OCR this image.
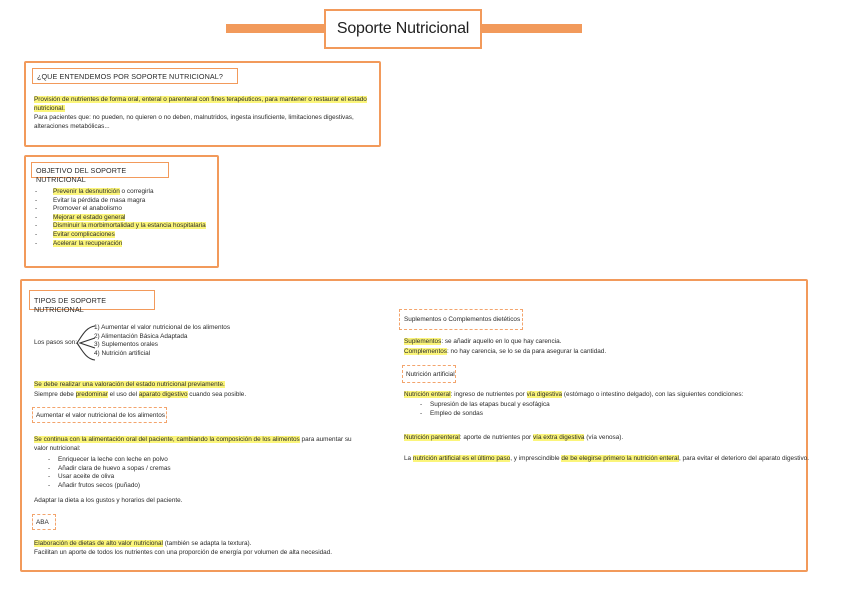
Soporte Nutricional
¿QUE ENTENDEMOS POR SOPORTE NUTRICIONAL?
Provisión de nutrientes de forma oral, enteral o parenteral con fines terapéuticos, para mantener o restaurar el estado nutricional.
Para pacientes que: no pueden, no quieren o no deben, malnutridos, ingesta insuficiente, limitaciones digestivas, alteraciones metabólicas...
OBJETIVO DEL SOPORTE NUTRICIONAL
- Prevenir la desnutrición o corregirla
- Evitar la pérdida de masa magra
- Promover el anabolismo
- Mejorar el estado general
- Disminuir la morbimortalidad y la estancia hospitalaria
- Evitar complicaciones
- Acelerar la recuperación
TIPOS DE SOPORTE NUTRICIONAL
Los pasos son:
1) Aumentar el valor nutricional de los alimentos
2) Alimentación Básica Adaptada
3) Suplementos orales
4) Nutrición artificial
Se debe realizar una valoración del estado nutricional previamente.
Siempre debe predominar el uso del aparato digestivo cuando sea posible.
Aumentar el valor nutricional de los alimentos
Se continua con la alimentación oral del paciente, cambiando la composición de los alimentos para aumentar su valor nutricional:
- Enriquecer la leche con leche en polvo
- Añadir clara de huevo a sopas / cremas
- Usar aceite de oliva
- Añadir frutos secos (puñado)
Adaptar la dieta a los gustos y horarios del paciente.
ABA
Elaboración de dietas de alto valor nutricional (también se adapta la textura).
Facilitan un aporte de todos los nutrientes con una proporción de energía por volumen de alta necesidad.
Suplementos o Complementos dietéticos
Suplementos: se añadir aquello en lo que hay carencia.
Complementos: no hay carencia, se lo se da para asegurar la cantidad.
Nutrición artificial
Nutrición enteral: ingreso de nutrientes por vía digestiva (estómago o intestino delgado), con las siguientes condiciones:
- Supresión de las etapas bucal y esofágica
- Empleo de sondas
Nutrición parenteral: aporte de nutrientes por vía extra digestiva (vía venosa).
La nutrición artificial es el último paso, y imprescindible de be elegirse primero la nutrición enteral, para evitar el deterioro del aparato digestivo.
